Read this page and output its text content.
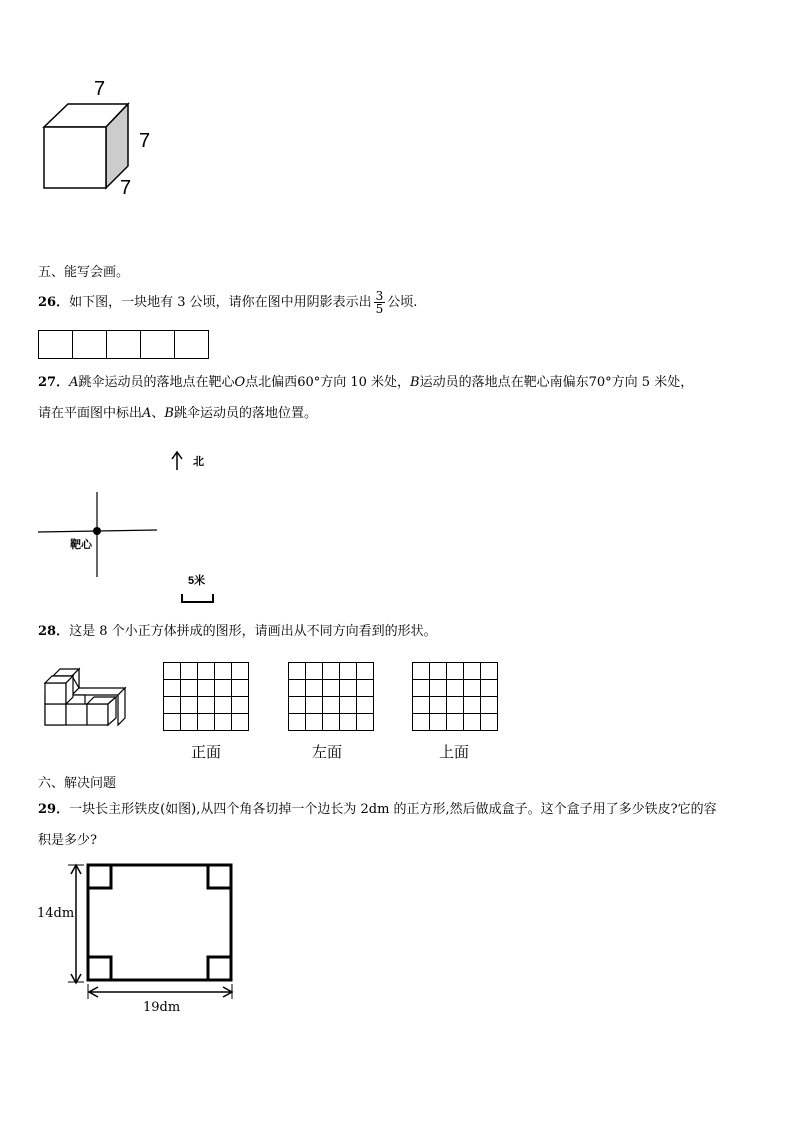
7
7
7
五、能写会画。
26．如下图，一块地有 3 公顷，请你在图中用阴影表示出 $\frac{3}{5}$ 公顷.
27．A跳伞运动员的落地点在靶心O点北偏西60°方向 10 米处，B运动员的落地点在靶心南偏东70°方向 5 米处，
请在平面图中标出A、B跳伞运动员的落地位置。
北
靶心
5米
28．这是 8 个小正方体拼成的图形，请画出从不同方向看到的形状。

正面	左面	上面
六、解决问题
29．一块长主形铁皮(如图),从四个角各切掉一个边长为 2dm 的正方形,然后做成盒子。这个盒子用了多少铁皮?它的容
积是多少?
14dm
19dm
